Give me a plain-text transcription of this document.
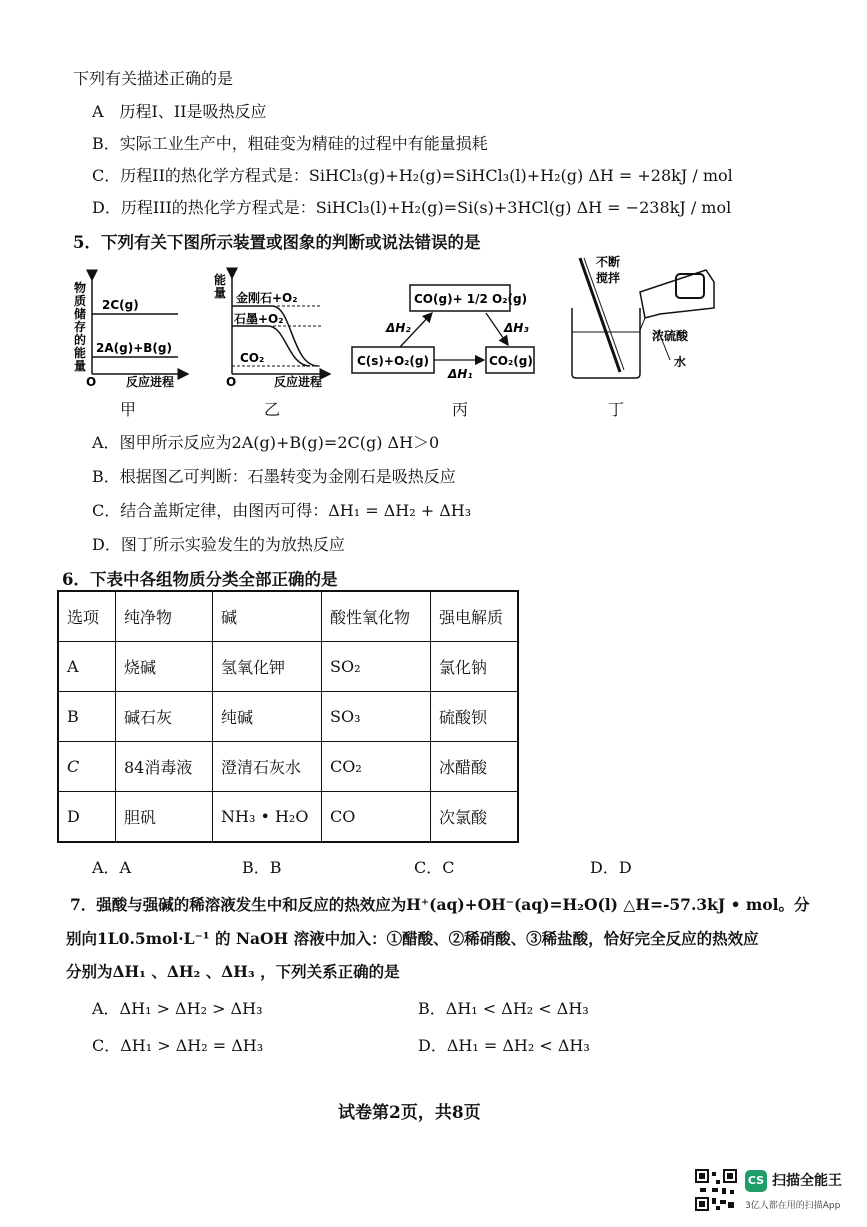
下列有关描述正确的是
A　历程I、II是吸热反应
B．实际工业生产中，粗硅变为精硅的过程中有能量损耗
C．历程II的热化学方程式是：SiHCl₃(g)+H₂(g)=SiHCl₃(l)+H₂(g) ΔH = +28kJ / mol
D．历程III的热化学方程式是：SiHCl₃(l)+H₂(g)=Si(s)+3HCl(g) ΔH = −238kJ / mol
5．下列有关下图所示装置或图象的判断或说法错误的是
2C(g)
2A(g)+B(g)
O 反应进程
金刚石+O₂
石墨+O₂
CO₂
O	反应进程
CO(g)+ 1/2 O₂(g)
C(s)+O₂(g)	CO₂(g)
ΔH₂	ΔH₃
ΔH₁
不断
搅拌
浓硫酸
水
物质储存的能量
能量
甲	乙	丙	丁
A．图甲所示反应为2A(g)+B(g)=2C(g) ΔH＞0
B．根据图乙可判断：石墨转变为金刚石是吸热反应
C．结合盖斯定律，由图丙可得：ΔH₁ = ΔH₂ + ΔH₃
D．图丁所示实验发生的为放热反应
6．下表中各组物质分类全部正确的是
选项	纯净物	碱	酸性氧化物	强电解质
A	烧碱	氢氧化钾	SO₂	氯化钠
B	碱石灰	纯碱	SO₃	硫酸钡
C	84消毒液	澄清石灰水	CO₂	冰醋酸
D	胆矾	NH₃ • H₂O	CO	次氯酸
A．A	B．B	C．C	D．D
7．强酸与强碱的稀溶液发生中和反应的热效应为H⁺(aq)+OH⁻(aq)=H₂O(l) △H=-57.3kJ • mol。分
别向1L0.5mol·L⁻¹ 的 NaOH 溶液中加入：①醋酸、②稀硝酸、③稀盐酸，恰好完全反应的热效应
分别为ΔH₁ 、ΔH₂ 、ΔH₃ ，下列关系正确的是
A．ΔH₁ > ΔH₂ > ΔH₃	B．ΔH₁ < ΔH₂ < ΔH₃
C．ΔH₁ > ΔH₂ = ΔH₃	D．ΔH₁ = ΔH₂ < ΔH₃
试卷第2页，共8页
CS 扫描全能王
3亿人都在用的扫描App
